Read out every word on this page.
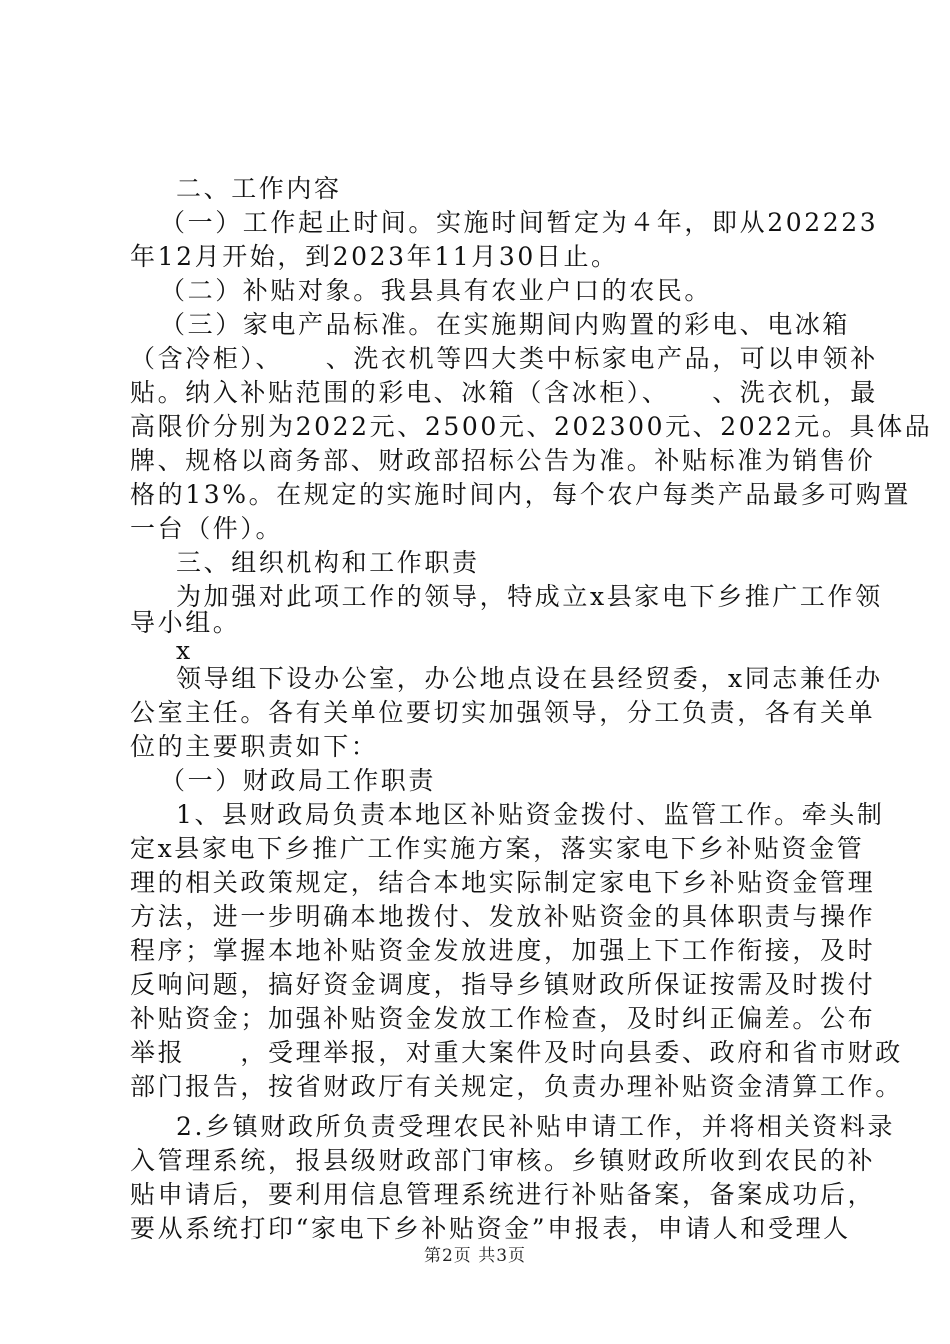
二、工作内容
（一）工作起止时间。实施时间暂定为４年，即从202223
年12月开始，到2023年11月30日止。
（二）补贴对象。我县具有农业户口的农民。
（三）家电产品标准。在实施期间内购置的彩电、电冰箱
（含冷柜）、　　、洗衣机等四大类中标家电产品，可以申领补
贴。纳入补贴范围的彩电、冰箱（含冰柜）、　　、洗衣机，最
高限价分别为2022元、2500元、202300元、2022元。具体品
牌、规格以商务部、财政部招标公告为准。补贴标准为销售价
格的13%。在规定的实施时间内，每个农户每类产品最多可购置
一台（件）。
三、组织机构和工作职责
为加强对此项工作的领导，特成立x县家电下乡推广工作领
导小组。
x
领导组下设办公室，办公地点设在县经贸委，x同志兼任办
公室主任。各有关单位要切实加强领导，分工负责，各有关单
位的主要职责如下：
（一）财政局工作职责
1、县财政局负责本地区补贴资金拨付、监管工作。牵头制
定x县家电下乡推广工作实施方案，落实家电下乡补贴资金管
理的相关政策规定，结合本地实际制定家电下乡补贴资金管理
方法，进一步明确本地拨付、发放补贴资金的具体职责与操作
程序；掌握本地补贴资金发放进度，加强上下工作衔接，及时
反响问题，搞好资金调度，指导乡镇财政所保证按需及时拨付
补贴资金；加强补贴资金发放工作检查，及时纠正偏差。公布
举报　　，受理举报，对重大案件及时向县委、政府和省市财政
部门报告，按省财政厅有关规定，负责办理补贴资金清算工作。
2.乡镇财政所负责受理农民补贴申请工作，并将相关资料录
入管理系统，报县级财政部门审核。乡镇财政所收到农民的补
贴申请后，要利用信息管理系统进行补贴备案，备案成功后，
要从系统打印“家电下乡补贴资金”申报表，申请人和受理人
第2页 共3页
